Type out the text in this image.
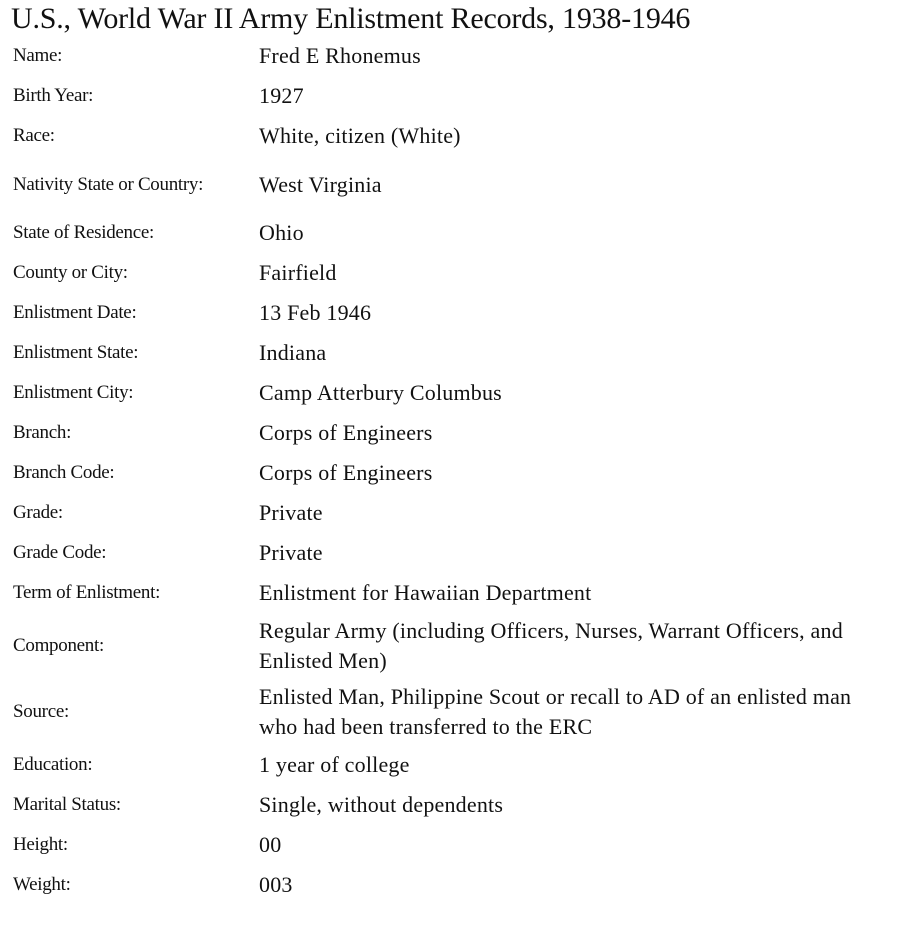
U.S., World War II Army Enlistment Records, 1938-1946
Name:	Fred E Rhonemus
Birth Year:	1927
Race:	White, citizen (White)
Nativity State or Country:	West Virginia
State of Residence:	Ohio
County or City:	Fairfield
Enlistment Date:	13 Feb 1946
Enlistment State:	Indiana
Enlistment City:	Camp Atterbury Columbus
Branch:	Corps of Engineers
Branch Code:	Corps of Engineers
Grade:	Private
Grade Code:	Private
Term of Enlistment:	Enlistment for Hawaiian Department
Component:	Regular Army (including Officers, Nurses, Warrant Officers, and Enlisted Men)
Source:	Enlisted Man, Philippine Scout or recall to AD of an enlisted man who had been transferred to the ERC
Education:	1 year of college
Marital Status:	Single, without dependents
Height:	00
Weight:	003
